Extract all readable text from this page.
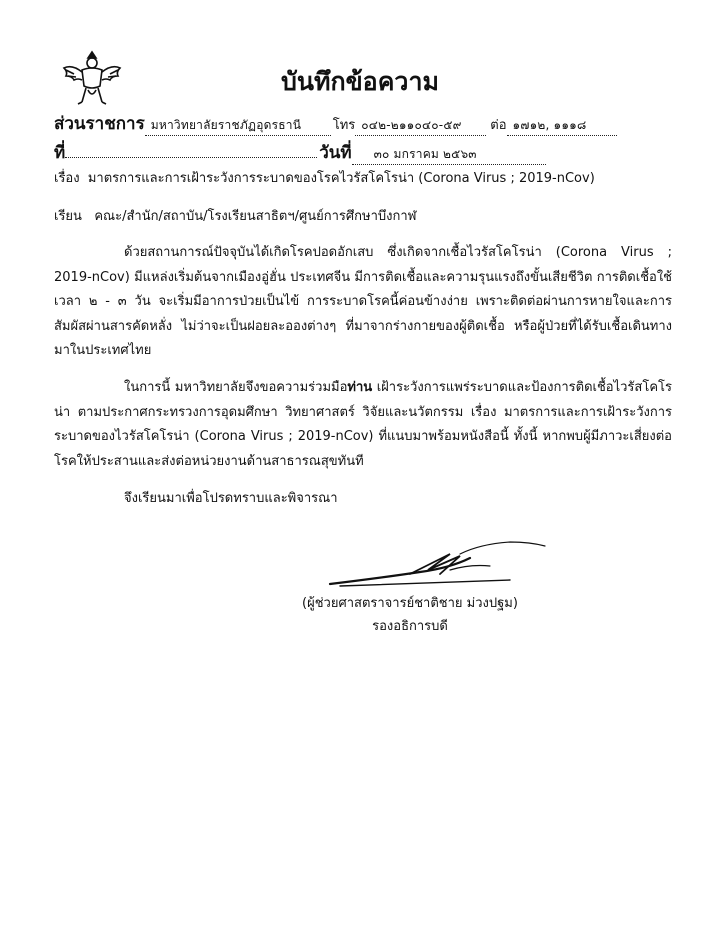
บันทึกข้อความ
ส่วนราชการ มหาวิทยาลัยราชภัฏอุดรธานี โทร ๐๔๒-๒๑๑๐๔๐-๕๙ ต่อ ๑๗๑๒, ๑๑๑๘
ที่	วันที่ ๓๐ มกราคม ๒๕๖๓
เรื่อง มาตรการและการเฝ้าระวังการระบาดของโรคไวรัสโคโรน่า (Corona Virus ; 2019-nCov)
เรียน คณะ/สำนัก/สถาบัน/โรงเรียนสาธิตฯ/ศูนย์การศึกษาบึงกาฬ
ด้วยสถานการณ์ปัจจุบันได้เกิดโรคปอดอักเสบ ซึ่งเกิดจากเชื้อไวรัสโคโรน่า (Corona Virus ; 2019-nCov) มีแหล่งเริ่มต้นจากเมืองอู่ฮั่น ประเทศจีน มีการติดเชื้อและความรุนแรงถึงขั้นเสียชีวิต การติดเชื้อใช้เวลา ๒ - ๓ วัน จะเริ่มมีอาการป่วยเป็นไข้ การระบาดโรคนี้ค่อนข้างง่าย เพราะติดต่อผ่านการหายใจและการสัมผัสผ่านสารคัดหลั่ง ไม่ว่าจะเป็นฝอยละอองต่างๆ ที่มาจากร่างกายของผู้ติดเชื้อ หรือผู้ป่วยที่ได้รับเชื้อเดินทางมาในประเทศไทย
ในการนี้ มหาวิทยาลัยจึงขอความร่วมมือท่าน เฝ้าระวังการแพร่ระบาดและป้องการติดเชื้อไวรัสโคโรน่า ตามประกาศกระทรวงการอุดมศึกษา วิทยาศาสตร์ วิจัยและนวัตกรรม เรื่อง มาตรการและการเฝ้าระวังการระบาดของไวรัสโคโรน่า (Corona Virus ; 2019-nCov) ที่แนบมาพร้อมหนังสือนี้ ทั้งนี้ หากพบผู้มีภาวะเสี่ยงต่อโรคให้ประสานและส่งต่อหน่วยงานด้านสาธารณสุขทันที
จึงเรียนมาเพื่อโปรดทราบและพิจารณา
(ผู้ช่วยศาสตราจารย์ชาติชาย ม่วงปฐม)
รองอธิการบดี
